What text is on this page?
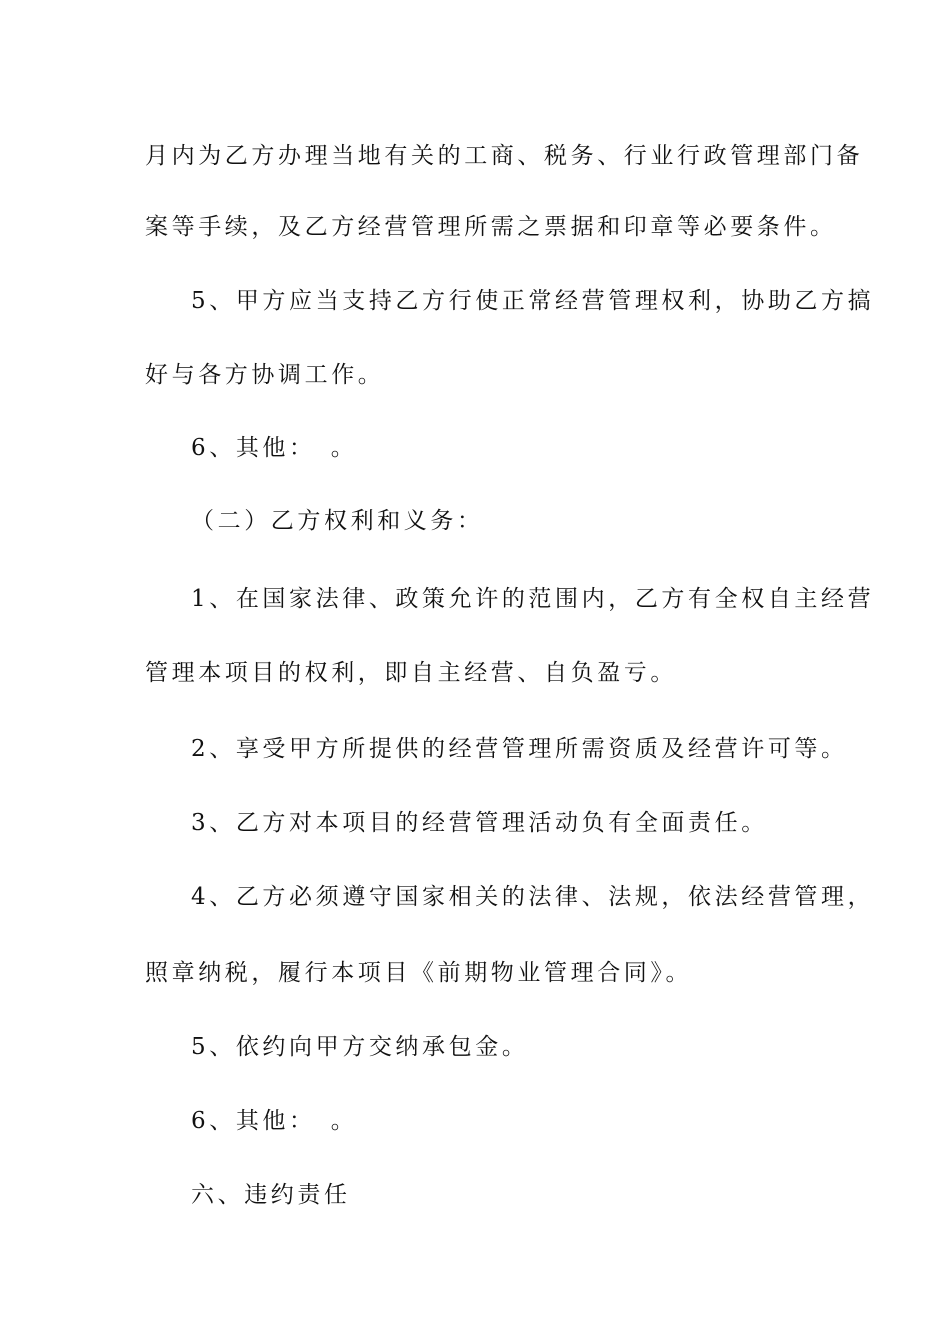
月内为乙方办理当地有关的工商、税务、行业行政管理部门备
案等手续，及乙方经营管理所需之票据和印章等必要条件。
5、甲方应当支持乙方行使正常经营管理权利，协助乙方搞
好与各方协调工作。
6、其他：　。
（二）乙方权利和义务：
1、在国家法律、政策允许的范围内，乙方有全权自主经营
管理本项目的权利，即自主经营、自负盈亏。
2、享受甲方所提供的经营管理所需资质及经营许可等。
3、乙方对本项目的经营管理活动负有全面责任。
4、乙方必须遵守国家相关的法律、法规，依法经营管理，
照章纳税，履行本项目《前期物业管理合同》。
5、依约向甲方交纳承包金。
6、其他：　。
六、违约责任
